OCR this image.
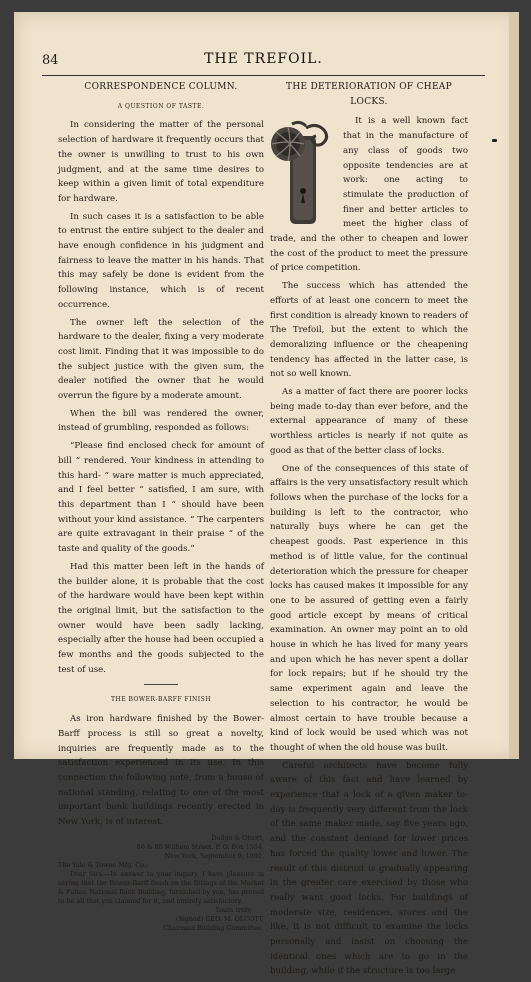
84	THE TREFOIL.
CORRESPONDENCE COLUMN.
A QUESTION OF TASTE.

In considering the matter of the personal selection of hardware it frequently occurs that the owner is unwilling to trust to his own judgment, and at the same time desires to keep within a given limit of total expenditure for hardware.

In such cases it is a satisfaction to be able to entrust the entire subject to the dealer and have enough confidence in his judgment and fairness to leave the matter in his hands. That this may safely be done is evident from the following instance, which is of recent occurrence.

The owner left the selection of the hardware to the dealer, fixing a very moderate cost limit. Finding that it was impossible to do the subject justice with the given sum, the dealer notified the owner that he would overrun the figure by a moderate amount.

When the bill was rendered the owner, instead of grumbling, responded as follows:

“Please find enclosed check for amount of bill “ rendered. Your kindness in attending to this hard- “ ware matter is much appreciated, and I feel better “ satisfied, I am sure, with this department than I “ should have been without your kind assistance. “ The carpenters are quite extravagant in their praise “ of the taste and quality of the goods.”

Had this matter been left in the hands of the builder alone, it is probable that the cost of the hardware would have been kept within the original limit, but the satisfaction to the owner would have been sadly lacking, especially after the house had been occupied a few months and the goods subjected to the test of use.

THE BOWER-BARFF FINISH

As iron hardware finished by the Bower-Barff process is still so great a novelty, inquiries are frequently made as to the satisfaction experienced in its use. In this connection the following note, from a house of national standing, relating to one of the most important bank buildings recently erected in New York, is of interest.

Dodge & Olcott,
86 & 88 William Street. P. O. Box 1554.
New York, September 9, 1891.
The Yale & Towne Mfg. Co.:
Dear Sirs:—In answer to your inquiry, I have pleasure in saying that the Bower-Barff finish on the fittings of the Market & Fulton National Bank Building, furnished by you, has proved to be all that you claimed for it, and entirely satisfactory.
Yours truly,
(Signed) GEO. M. OLCOTT,
Chairman Building Committee.
THE DETERIORATION OF CHEAP LOCKS.

It is a well known fact that in the manufacture of any class of goods two opposite tendencies are at work: one acting to stimulate the production of finer and better articles to meet the higher class of trade, and the other to cheapen and lower the cost of the product to meet the pressure of price competition.

The success which has attended the efforts of at least one concern to meet the first condition is already known to readers of The Trefoil, but the extent to which the demoralizing influence or the cheapening tendency has affected in the latter case, is not so well known.

As a matter of fact there are poorer locks being made to-day than ever before, and the external appearance of many of these worthless articles is nearly if not quite as good as that of the better class of locks.

One of the consequences of this state of affairs is the very unsatisfactory result which follows when the purchase of the locks for a building is left to the contractor, who naturally buys where he can get the cheapest goods. Past experience in this method is of little value, for the continual deterioration which the pressure for cheaper locks has caused makes it impossible for any one to be assured of getting even a fairly good article except by means of critical examination. An owner may point an to old house in which he has lived for many years and upon which he has never spent a dollar for lock repairs; but if he should try the same experiment again and leave the selection to his contractor, he would be almost certain to have trouble because a kind of lock would be used which was not thought of when the old house was built.

Careful architects have become fully aware of this fact and have learned by experience that a lock of a given maker to-day is frequently very different from the lock of the same maker made, say five years ago, and the constant demand for lower prices has forced the quality lower and lower. The result of this distrust is gradually appearing in the greater care exercised by those who really want good locks. For buildings of moderate size, residences, stores and the like, it is not difficult to examine the locks personally and insist on choosing the identical ones which are to go in the building, while if the structure is too large
